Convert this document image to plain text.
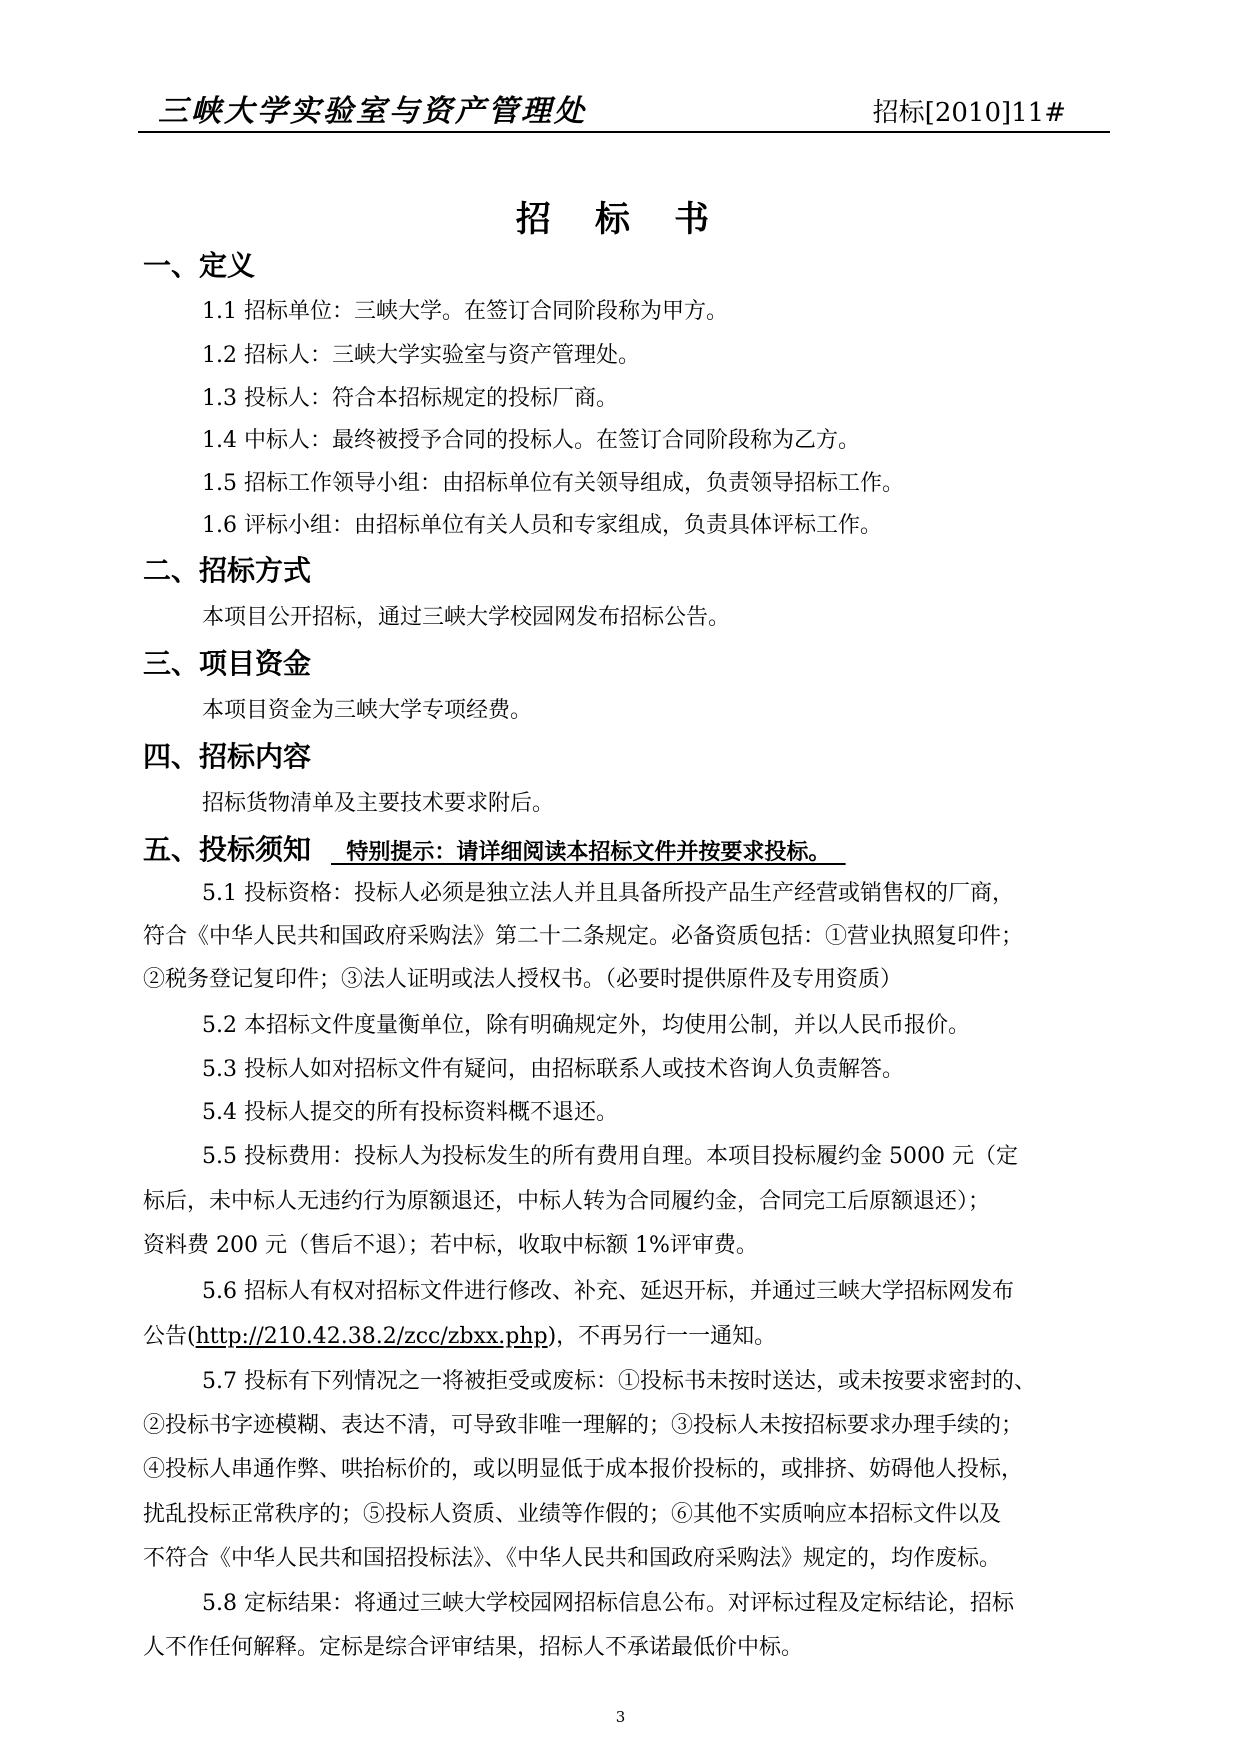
三峡大学实验室与资产管理处	招标[2010]11#
招 标 书
一、定义
1.1 招标单位：三峡大学。在签订合同阶段称为甲方。
1.2 招标人：三峡大学实验室与资产管理处。
1.3 投标人：符合本招标规定的投标厂商。
1.4 中标人：最终被授予合同的投标人。在签订合同阶段称为乙方。
1.5 招标工作领导小组：由招标单位有关领导组成，负责领导招标工作。
1.6 评标小组：由招标单位有关人员和专家组成，负责具体评标工作。
二、招标方式
本项目公开招标，通过三峡大学校园网发布招标公告。
三、项目资金
本项目资金为三峡大学专项经费。
四、招标内容
招标货物清单及主要技术要求附后。
五、投标须知  特别提示：请详细阅读本招标文件并按要求投标。
5.1 投标资格：投标人必须是独立法人并且具备所投产品生产经营或销售权的厂商，
符合《中华人民共和国政府采购法》第二十二条规定。必备资质包括：①营业执照复印件；
②税务登记复印件；③法人证明或法人授权书。（必要时提供原件及专用资质）
5.2 本招标文件度量衡单位，除有明确规定外，均使用公制，并以人民币报价。
5.3 投标人如对招标文件有疑问，由招标联系人或技术咨询人负责解答。
5.4 投标人提交的所有投标资料概不退还。
5.5 投标费用：投标人为投标发生的所有费用自理。本项目投标履约金 5000 元（定
标后，未中标人无违约行为原额退还，中标人转为合同履约金，合同完工后原额退还）；
资料费 200 元（售后不退）；若中标，收取中标额 1%评审费。
5.6 招标人有权对招标文件进行修改、补充、延迟开标，并通过三峡大学招标网发布
公告(http://210.42.38.2/zcc/zbxx.php)，不再另行一一通知。
5.7 投标有下列情况之一将被拒受或废标：①投标书未按时送达，或未按要求密封的、
②投标书字迹模糊、表达不清，可导致非唯一理解的；③投标人未按招标要求办理手续的；
④投标人串通作弊、哄抬标价的，或以明显低于成本报价投标的，或排挤、妨碍他人投标，
扰乱投标正常秩序的；⑤投标人资质、业绩等作假的；⑥其他不实质响应本招标文件以及
不符合《中华人民共和国招投标法》、《中华人民共和国政府采购法》规定的，均作废标。
5.8 定标结果：将通过三峡大学校园网招标信息公布。对评标过程及定标结论，招标
人不作任何解释。定标是综合评审结果，招标人不承诺最低价中标。
3
